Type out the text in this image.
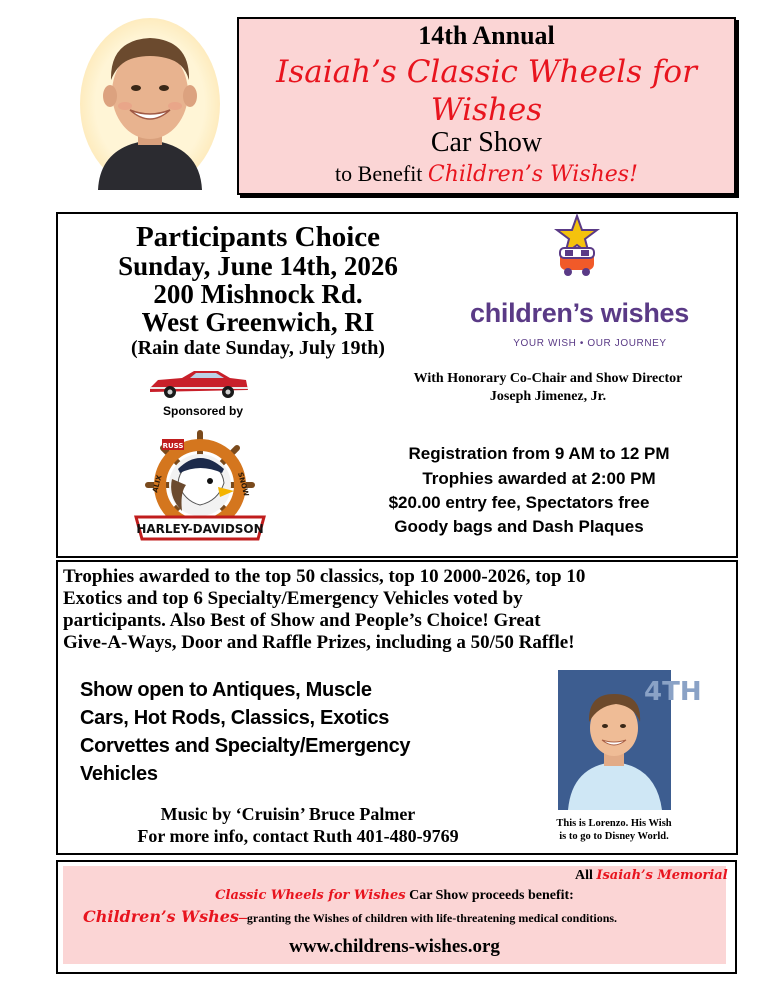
14th Annual
Isaiah’s Classic Wheels for Wishes
Car Show
to Benefit Children’s Wishes!
Participants Choice
Sunday, June 14th, 2026
200 Mishnock Rd.
West Greenwich, RI
(Rain date Sunday, July 19th)
Sponsored by
RUSS
ALIX	SNOW
HARLEY-DAVIDSON
children’s wishes
YOUR WISH • OUR JOURNEY
With Honorary Co-Chair and Show Director
Joseph Jimenez, Jr.
Registration from 9 AM to 12 PM
Trophies awarded at 2:00 PM
$20.00 entry fee, Spectators free
Goody bags and Dash Plaques
Trophies awarded to the top 50 classics, top 10 2000-2026, top 10
Exotics and top 6 Specialty/Emergency Vehicles voted by
participants. Also Best of Show and People’s Choice! Great
Give-A-Ways, Door and Raffle Prizes, including a 50/50 Raffle!
Show open to Antiques, Muscle
Cars, Hot Rods, Classics, Exotics
Corvettes and Specialty/Emergency
Vehicles
Music by ‘Cruisin’ Bruce Palmer
For more info, contact Ruth 401-480-9769
4TH
This is Lorenzo. His Wish
is to go to Disney World.
All Isaiah’s Memorial
Classic Wheels for Wishes Car Show proceeds benefit:
Children’s Wshes–granting the Wishes of children with life-threatening medical conditions.
www.childrens-wishes.org
